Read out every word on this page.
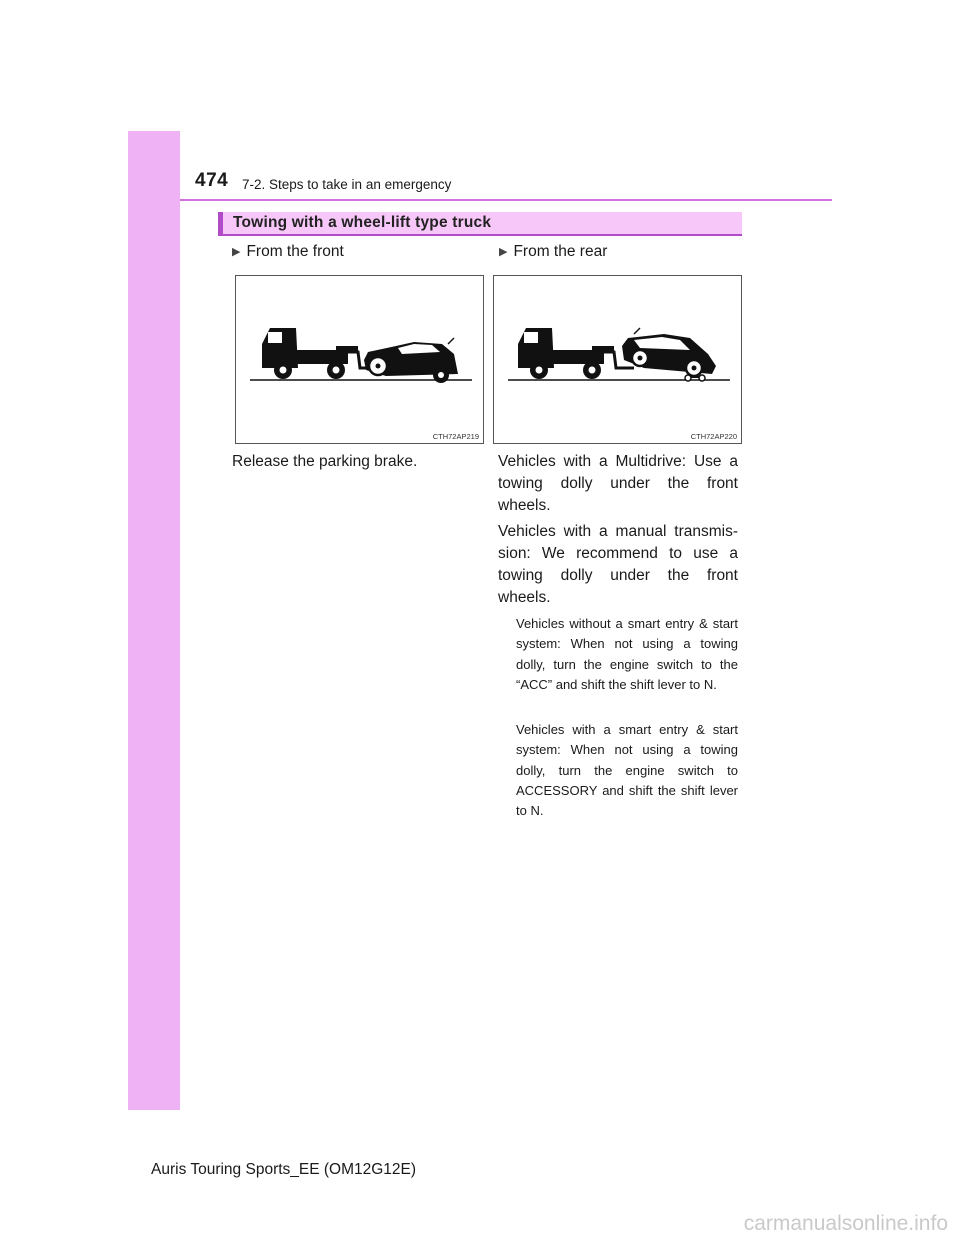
474 7-2. Steps to take in an emergency
Towing with a wheel-lift type truck
▶ From the front
CTH72AP219
Release the parking brake.
▶ From the rear
CTH72AP220
Vehicles with a Multidrive: Use a towing dolly under the front wheels.
Vehicles with a manual transmis-sion: We recommend to use a towing dolly under the front wheels.
Vehicles without a smart entry & start system: When not using a towing dolly, turn the engine switch to the “ACC” and shift the shift lever to N.
Vehicles with a smart entry & start system: When not using a towing dolly, turn the engine switch to ACCESSORY and shift the shift lever to N.
Auris Touring Sports_EE (OM12G12E)
carmanualsonline.info
